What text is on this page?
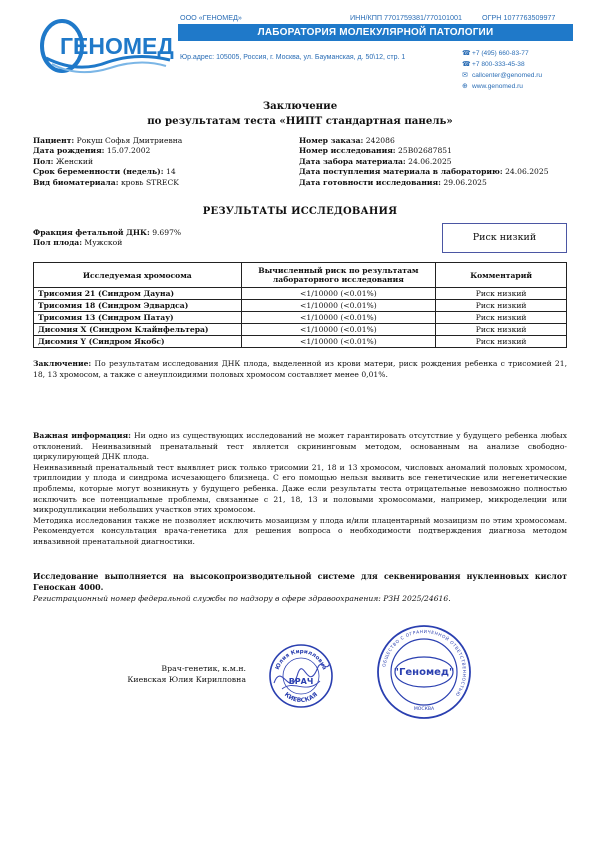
ГЕНОМЕД
ООО «ГЕНОМЕД»	ИНН/КПП 7701759381/770101001	ОГРН 1077763509977
ЛАБОРАТОРИЯ МОЛЕКУЛЯРНОЙ ПАТОЛОГИИ
Юр.адрес: 105005, Россия, г. Москва, ул. Бауманская, д. 50\12, стр. 1
☎+7 (495) 660-83-77
☎+7 800-333-45-38
✉ callcenter@genomed.ru
⊕ www.genomed.ru
Заключение
по результатам теста «НИПТ стандартная панель»
Пациент: Рокуш Софья Дмитриевна
Дата рождения: 15.07.2002
Пол: Женский
Срок беременности (недель): 14
Вид биоматериала: кровь STRECK
Номер заказа: 242086
Номер исследования: 25B02687851
Дата забора материала: 24.06.2025
Дата поступления материала в лабораторию: 24.06.2025
Дата готовности исследования: 29.06.2025
РЕЗУЛЬТАТЫ ИССЛЕДОВАНИЯ
Фракция фетальной ДНК: 9.697%
Пол плода: Мужской	Риск низкий
Исследуемая хромосома	Вычисленный риск по результатам лабораторного исследования	Комментарий
Трисомия 21 (Синдром Дауна)	<1/10000 (<0.01%)	Риск низкий
Трисомия 18 (Синдром Эдвардса)	<1/10000 (<0.01%)	Риск низкий
Трисомия 13 (Синдром Патау)	<1/10000 (<0.01%)	Риск низкий
Дисомия X (Синдром Клайнфельтера)	<1/10000 (<0.01%)	Риск низкий
Дисомия Y (Синдром Якобс)	<1/10000 (<0.01%)	Риск низкий
Заключение: По результатам исследования ДНК плода, выделенной из крови матери, риск рождения ребенка с трисомией 21, 18, 13 хромосом, а также с анеуплоидиями половых хромосом составляет менее 0,01%.
Важная информация: Ни одно из существующих исследований не может гарантировать отсутствие у будущего ребенка любых отклонений. Неинвазивный пренатальный тест является скрининговым методом, основанным на анализе свободно-циркулирующей ДНК плода.
Неинвазивный пренатальный тест выявляет риск только трисомии 21, 18 и 13 хромосом, числовых аномалий половых хромосом, триплоидии у плода и синдрома исчезающего близнеца. С его помощью нельзя выявить все генетические или негенетические проблемы, которые могут возникнуть у будущего ребенка. Даже если результаты теста отрицательные невозможно полностью исключить все потенциальные проблемы, связанные с 21, 18, 13 и половыми хромосомами, например, микроделеции или микродупликации небольших участков этих хромосом.
Методика исследования также не позволяет исключить мозаицизм у плода и/или плацентарный мозаицизм по этим хромосомам. Рекомендуется консультация врача-генетика для решения вопроса о необходимости подтверждения диагноза методом инвазивной пренатальной диагностики.
Исследование выполняется на высокопроизводительной системе для секвенирования нуклеиновых кислот Геноскан 4000.
Регистрационный номер федеральной службы по надзору в сфере здравоохранения: РЗН 2025/24616.
Врач-генетик, к.м.н.
Киевская Юлия Кирилловна
Юлия Кирилловна
КИЕВСКАЯ
ВРАЧ
ОБЩЕСТВО С ОГРАНИЧЕННОЙ ОТВЕТСТВЕННОСТЬЮ
"Геномед"
МОСКВА
